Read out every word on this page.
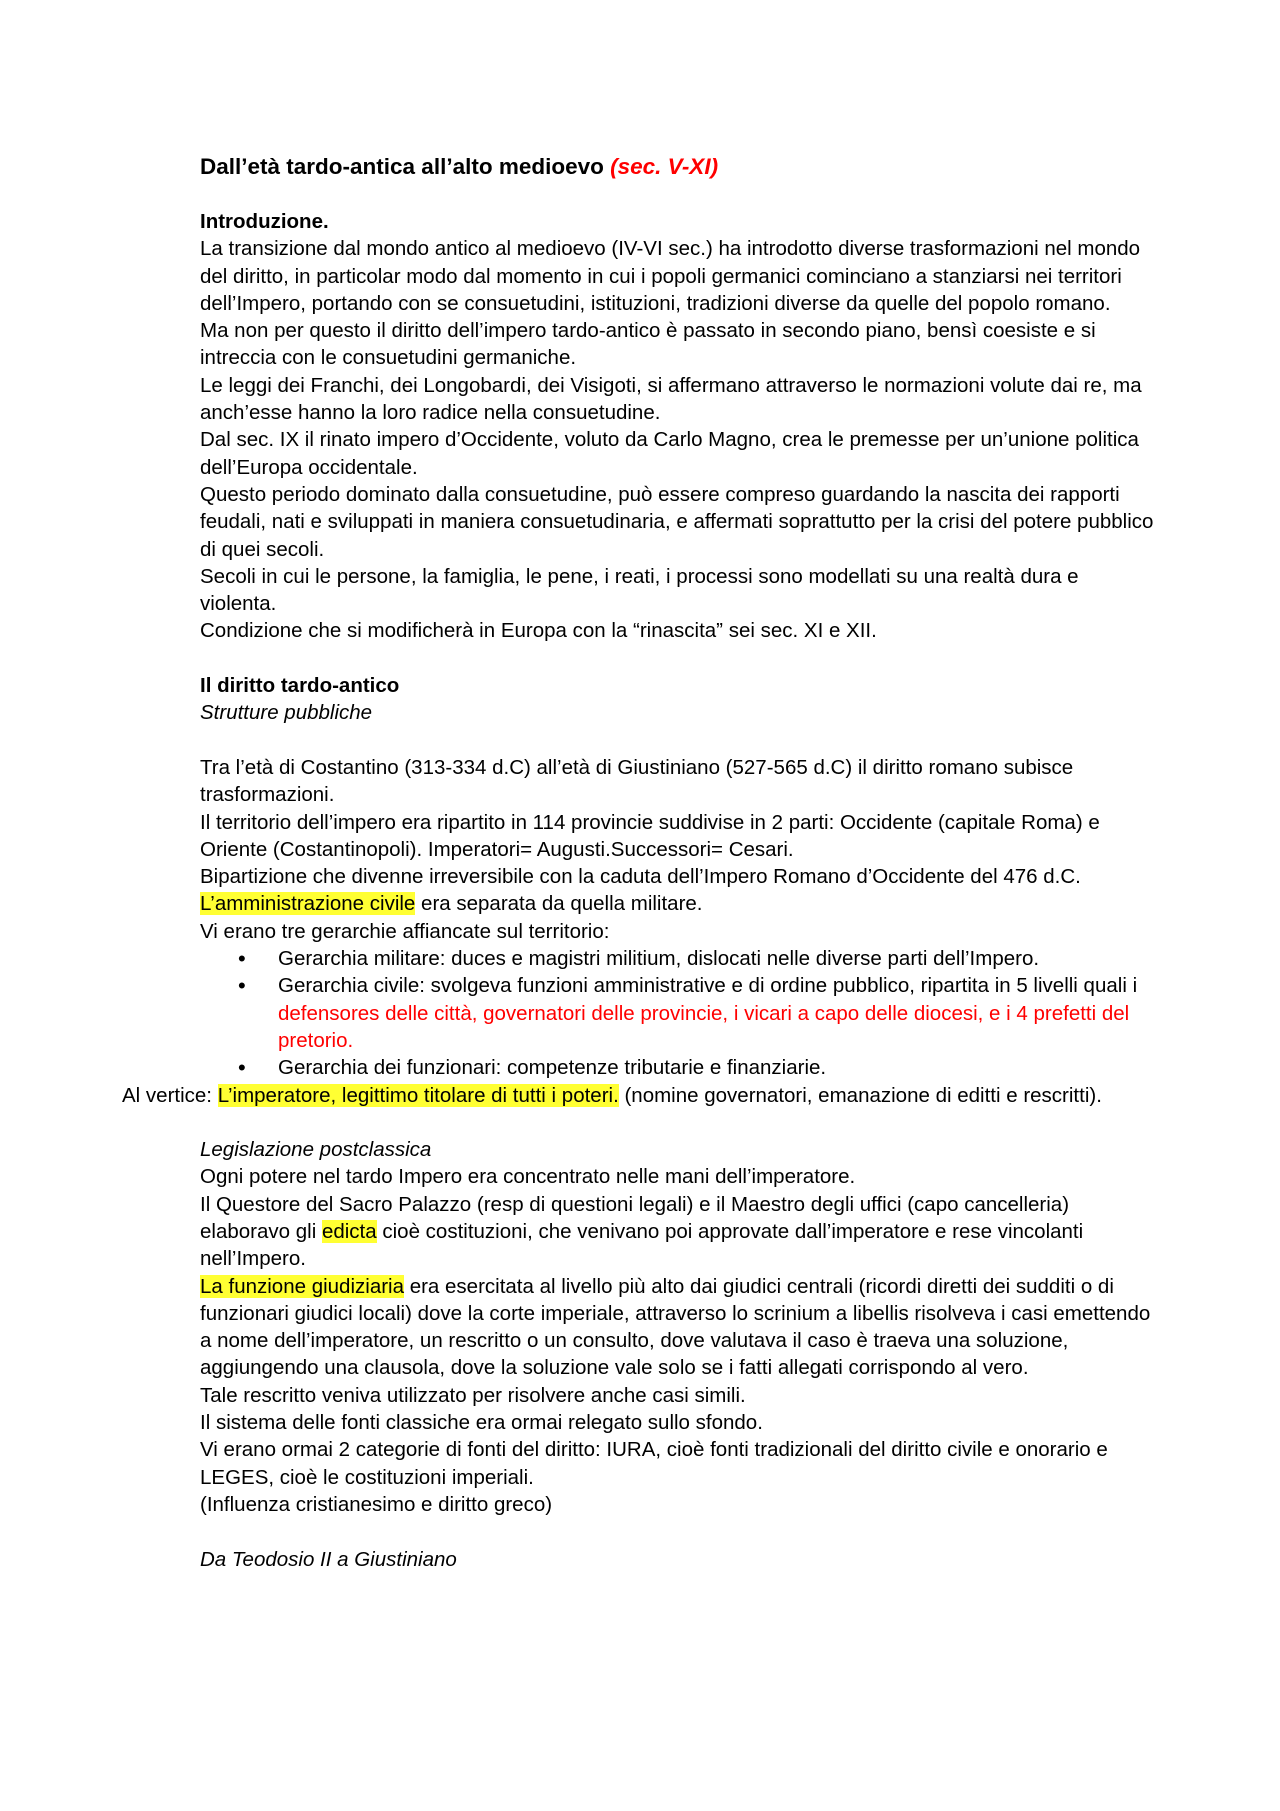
Dall’età tardo-antica all’alto medioevo (sec. V-XI)

Introduzione.

La transizione dal mondo antico al medioevo (IV-VI sec.) ha introdotto diverse trasformazioni nel mondo del diritto, in particolar modo dal momento in cui i popoli germanici cominciano a stanziarsi nei territori dell’Impero, portando con se consuetudini, istituzioni, tradizioni diverse da quelle del popolo romano.

Ma non per questo il diritto dell’impero tardo-antico è passato in secondo piano, bensì coesiste e si intreccia con le consuetudini germaniche.

Le leggi dei Franchi, dei Longobardi, dei Visigoti, si affermano attraverso le normazioni volute dai re, ma anch’esse hanno la loro radice nella consuetudine.

Dal sec. IX il rinato impero d’Occidente, voluto da Carlo Magno, crea le premesse per un’unione politica dell’Europa occidentale.

Questo periodo dominato dalla consuetudine, può essere compreso guardando la nascita dei rapporti feudali, nati e sviluppati in maniera consuetudinaria, e affermati soprattutto per la crisi del potere pubblico di quei secoli.

Secoli in cui le persone, la famiglia, le pene, i reati, i processi sono modellati su una realtà dura e violenta.

Condizione che si modificherà in Europa con la “rinascita” sei sec. XI e XII.

Il diritto tardo-antico

Strutture pubbliche

Tra l’età di Costantino (313-334 d.C) all’età di Giustiniano (527-565 d.C) il diritto romano subisce trasformazioni.

Il territorio dell’impero era ripartito in 114 provincie suddivise in 2 parti: Occidente (capitale Roma) e Oriente (Costantinopoli). Imperatori= Augusti.Successori= Cesari.

Bipartizione che divenne irreversibile con la caduta dell’Impero Romano d’Occidente del 476 d.C.

L’amministrazione civile era separata da quella militare.

Vi erano tre gerarchie affiancate sul territorio:

• Gerarchia militare: duces e magistri militium, dislocati nelle diverse parti dell’Impero.
• Gerarchia civile: svolgeva funzioni amministrative e di ordine pubblico, ripartita in 5 livelli quali i defensores delle città, governatori delle provincie, i vicari a capo delle diocesi, e i 4 prefetti del pretorio.
• Gerarchia dei funzionari: competenze tributarie e finanziarie.

Al vertice: L’imperatore, legittimo titolare di tutti i poteri. (nomine governatori, emanazione di editti e rescritti).

Legislazione postclassica

Ogni potere nel tardo Impero era concentrato nelle mani dell’imperatore.

Il Questore del Sacro Palazzo (resp di questioni legali) e il Maestro degli uffici (capo cancelleria) elaboravo gli edicta cioè costituzioni, che venivano poi approvate dall’imperatore e rese vincolanti nell’Impero.

La funzione giudiziaria era esercitata al livello più alto dai giudici centrali (ricordi diretti dei sudditi o di funzionari giudici locali) dove la corte imperiale, attraverso lo scrinium a libellis risolveva i casi emettendo a nome dell’imperatore, un rescritto o un consulto, dove valutava il caso è traeva una soluzione, aggiungendo una clausola, dove la soluzione vale solo se i fatti allegati corrispondo al vero.

Tale rescritto veniva utilizzato per risolvere anche casi simili.

Il sistema delle fonti classiche era ormai relegato sullo sfondo.

Vi erano ormai 2 categorie di fonti del diritto: IURA, cioè fonti tradizionali del diritto civile e onorario e LEGES, cioè le costituzioni imperiali.

(Influenza cristianesimo e diritto greco)

Da Teodosio II a Giustiniano
